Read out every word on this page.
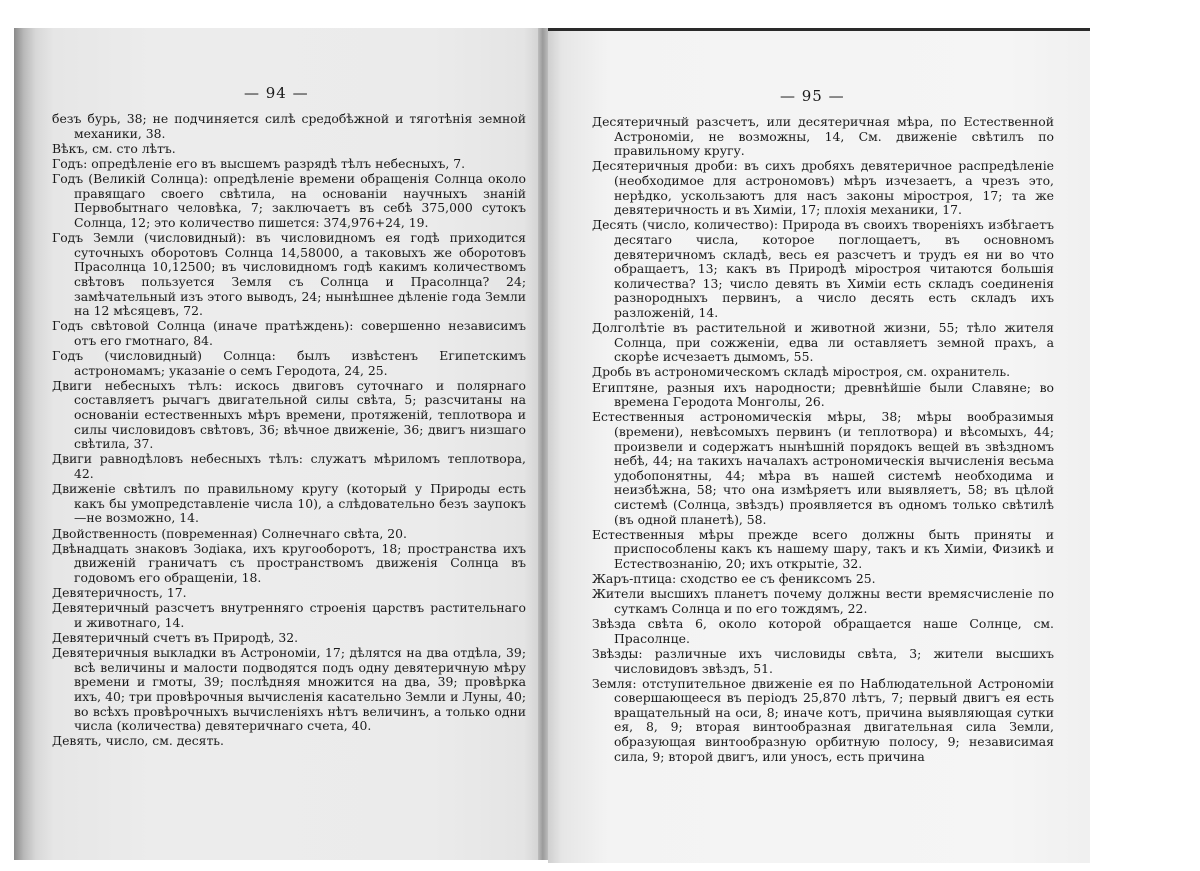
— 94 —

безъ бурь, 38; не подчиняется силѣ средобѣжной и тяготѣнія земной механики, 38.

Вѣкъ, см. сто лѣтъ.

Годъ: опредѣленіе его въ высшемъ разрядѣ тѣлъ небесныхъ, 7.

Годъ (Великій Солнца): опредѣленіе времени обращенія Солнца около правящаго своего свѣтила, на основаніи научныхъ знаній Первобытнаго человѣка, 7; заключаетъ въ себѣ 375,000 сутокъ Солнца, 12; это количество пишется: 374,976+24, 19.

Годъ Земли (числовидный): въ числовидномъ ея годѣ приходится суточныхъ оборотовъ Солнца 14,58000, а таковыхъ же оборотовъ Прасолнца 10,12500; въ числовидномъ годѣ какимъ количествомъ свѣтовъ пользуется Земля съ Солнца и Прасолнца? 24; замѣчательный изъ этого выводъ, 24; нынѣшнее дѣленіе года Земли на 12 мѣсяцевъ, 72.

Годъ свѣтовой Солнца (иначе пратѣждень): совершенно независимъ отъ его гмотнаго, 84.

Годъ (числовидный) Солнца: былъ извѣстенъ Египетскимъ астрономамъ; указаніе о семъ Геродота, 24, 25.

Двиги небесныхъ тѣлъ: искось двиговъ суточнаго и полярнаго составляетъ рычагъ двигательной силы свѣта, 5; разсчитаны на основаніи естественныхъ мѣръ времени, протяженій, теплотвора и силы числовидовъ свѣтовъ, 36; вѣчное движеніе, 36; двигъ низшаго свѣтила, 37.

Двиги равнодѣловъ небесныхъ тѣлъ: служатъ мѣриломъ теплотвора, 42.

Движеніе свѣтилъ по правильному кругу (который у Природы есть какъ бы умопредставленіе числа 10), а слѣдовательно безъ заупокъ—не возможно, 14.

Двойственность (повременная) Солнечнаго свѣта, 20.

Двѣнадцать знаковъ Зодіака, ихъ кругооборотъ, 18; пространства ихъ движеній граничатъ съ пространствомъ движенія Солнца въ годовомъ его обращеніи, 18.

Девятеричность, 17.

Девятеричный разсчетъ внутренняго строенія царствъ растительнаго и животнаго, 14.

Девятеричный счетъ въ Природѣ, 32.

Девятеричныя выкладки въ Астрономіи, 17; дѣлятся на два отдѣла, 39; всѣ величины и малости подводятся подъ одну девятеричную мѣру времени и гмоты, 39; послѣдняя множится на два, 39; провѣрка ихъ, 40; три провѣрочныя вычисленія касательно Земли и Луны, 40; во всѣхъ провѣрочныхъ вычисленіяхъ нѣтъ величинъ, а только одни числа (количества) девятеричнаго счета, 40.

Девять, число, см. десять.

— 95 —

Десятеричный разсчетъ, или десятеричная мѣра, по Естественной Астрономіи, не возможны, 14, См. движеніе свѣтилъ по правильному кругу.

Десятеричныя дроби: въ сихъ дробяхъ девятеричное распредѣленіе (необходимое для астрономовъ) мѣръ изчезаетъ, а чрезъ это, нерѣдко, ускользаютъ для насъ законы міростроя, 17; та же девятеричность и въ Химіи, 17; плохія механики, 17.

Десять (число, количество): Природа въ своихъ твореніяхъ избѣгаетъ десятаго числа, которое поглощаетъ, въ основномъ девятеричномъ складѣ, весь ея разсчетъ и трудъ ея ни во что обращаетъ, 13; какъ въ Природѣ міростроя читаются большія количества? 13; число девять въ Химіи есть складъ соединенія разнородныхъ первинъ, а число десять есть складъ ихъ разложеній, 14.

Долголѣтіе въ растительной и животной жизни, 55; тѣло жителя Солнца, при сожженіи, едва ли оставляетъ земной прахъ, а скорѣе исчезаетъ дымомъ, 55.

Дробь въ астрономическомъ складѣ міростроя, см. охранитель.

Египтяне, разныя ихъ народности; древнѣйшіе были Славяне; во времена Геродота Монголы, 26.

Естественныя астрономическія мѣры, 38; мѣры вообразимыя (времени), невѣсомыхъ первинъ (и теплотвора) и вѣсомыхъ, 44; произвели и содержатъ нынѣшній порядокъ вещей въ звѣздномъ небѣ, 44; на такихъ началахъ астрономическія вычисленія весьма удобопонятны, 44; мѣра въ нашей системѣ необходима и неизбѣжна, 58; что она измѣряетъ или выявляетъ, 58; въ цѣлой системѣ (Солнца, звѣздъ) проявляется въ одномъ только свѣтилѣ (въ одной планетѣ), 58.

Естественныя мѣры прежде всего должны быть приняты и приспособлены какъ къ нашему шару, такъ и къ Химіи, Физикѣ и Естествознанію, 20; ихъ открытіе, 32.

Жаръ-птица: сходство ее съ фениксомъ 25.

Жители высшихъ планетъ почему должны вести времясчисленіе по суткамъ Солнца и по его тождямъ, 22.

Звѣзда свѣта 6, около которой обращается наше Солнце, см. Прасолнце.

Звѣзды: различные ихъ числовиды свѣта, 3; жители высшихъ числовидовъ звѣздъ, 51.

Земля: отступительное движеніе ея по Наблюдательной Астрономіи совершающееся въ періодъ 25,870 лѣтъ, 7; первый двигъ ея есть вращательный на оси, 8; иначе котъ, причина выявляющая сутки ея, 8, 9; вторая винтообразная двигательная сила Земли, образующая винтообразную орбитную полосу, 9; независимая сила, 9; второй двигъ, или уносъ, есть причина
